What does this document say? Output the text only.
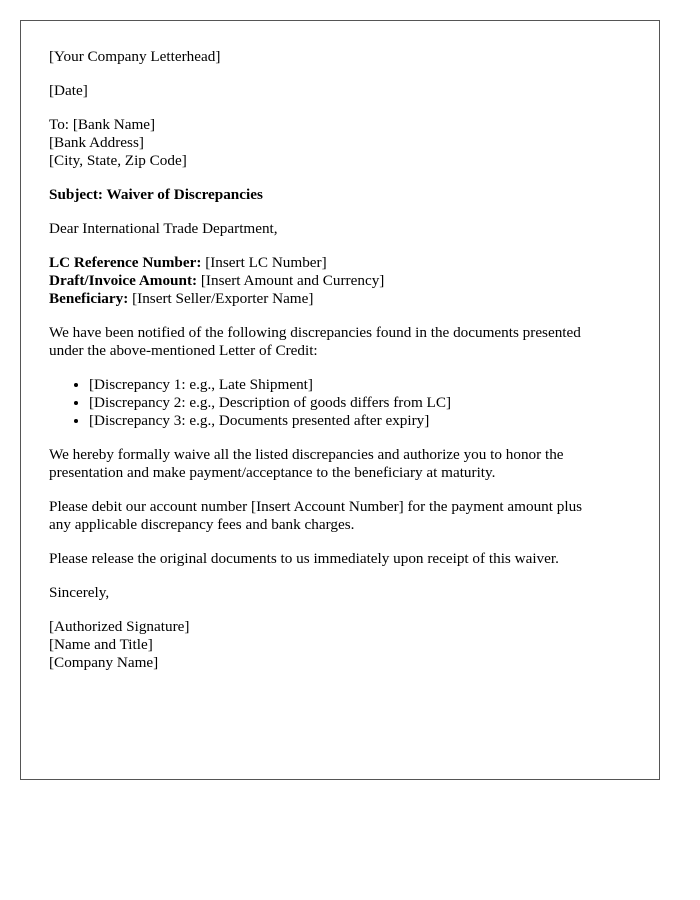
[Your Company Letterhead]
[Date]
To: [Bank Name]
[Bank Address]
[City, State, Zip Code]
Subject: Waiver of Discrepancies
Dear International Trade Department,
LC Reference Number: [Insert LC Number]
Draft/Invoice Amount: [Insert Amount and Currency]
Beneficiary: [Insert Seller/Exporter Name]
We have been notified of the following discrepancies found in the documents presented
under the above-mentioned Letter of Credit:
• [Discrepancy 1: e.g., Late Shipment]
• [Discrepancy 2: e.g., Description of goods differs from LC]
• [Discrepancy 3: e.g., Documents presented after expiry]
We hereby formally waive all the listed discrepancies and authorize you to honor the
presentation and make payment/acceptance to the beneficiary at maturity.
Please debit our account number [Insert Account Number] for the payment amount plus
any applicable discrepancy fees and bank charges.
Please release the original documents to us immediately upon receipt of this waiver.
Sincerely,
[Authorized Signature]
[Name and Title]
[Company Name]
